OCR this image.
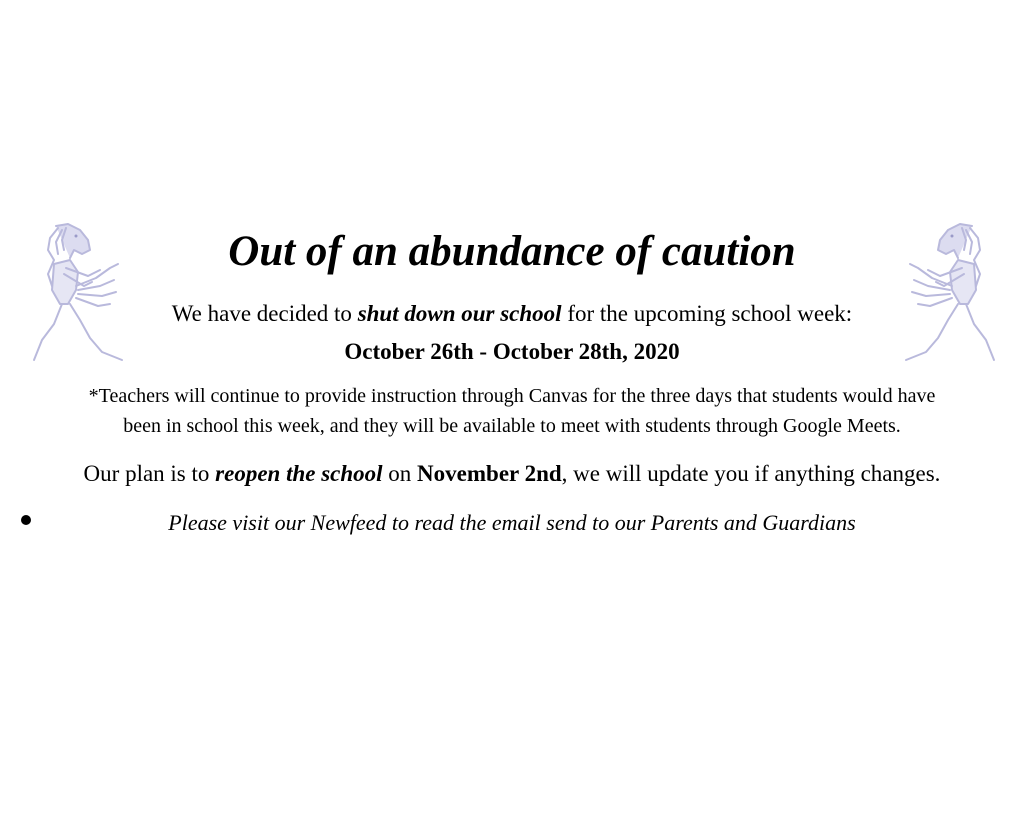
Out of an abundance of caution

We have decided to shut down our school for the upcoming school week:

October 26th - October 28th, 2020

*Teachers will continue to provide instruction through Canvas for the three days that students would have
been in school this week, and they will be available to meet with students through Google Meets.

Our plan is to reopen the school on November 2nd, we will update you if anything changes.

Please visit our Newfeed to read the email send to our Parents and Guardians
